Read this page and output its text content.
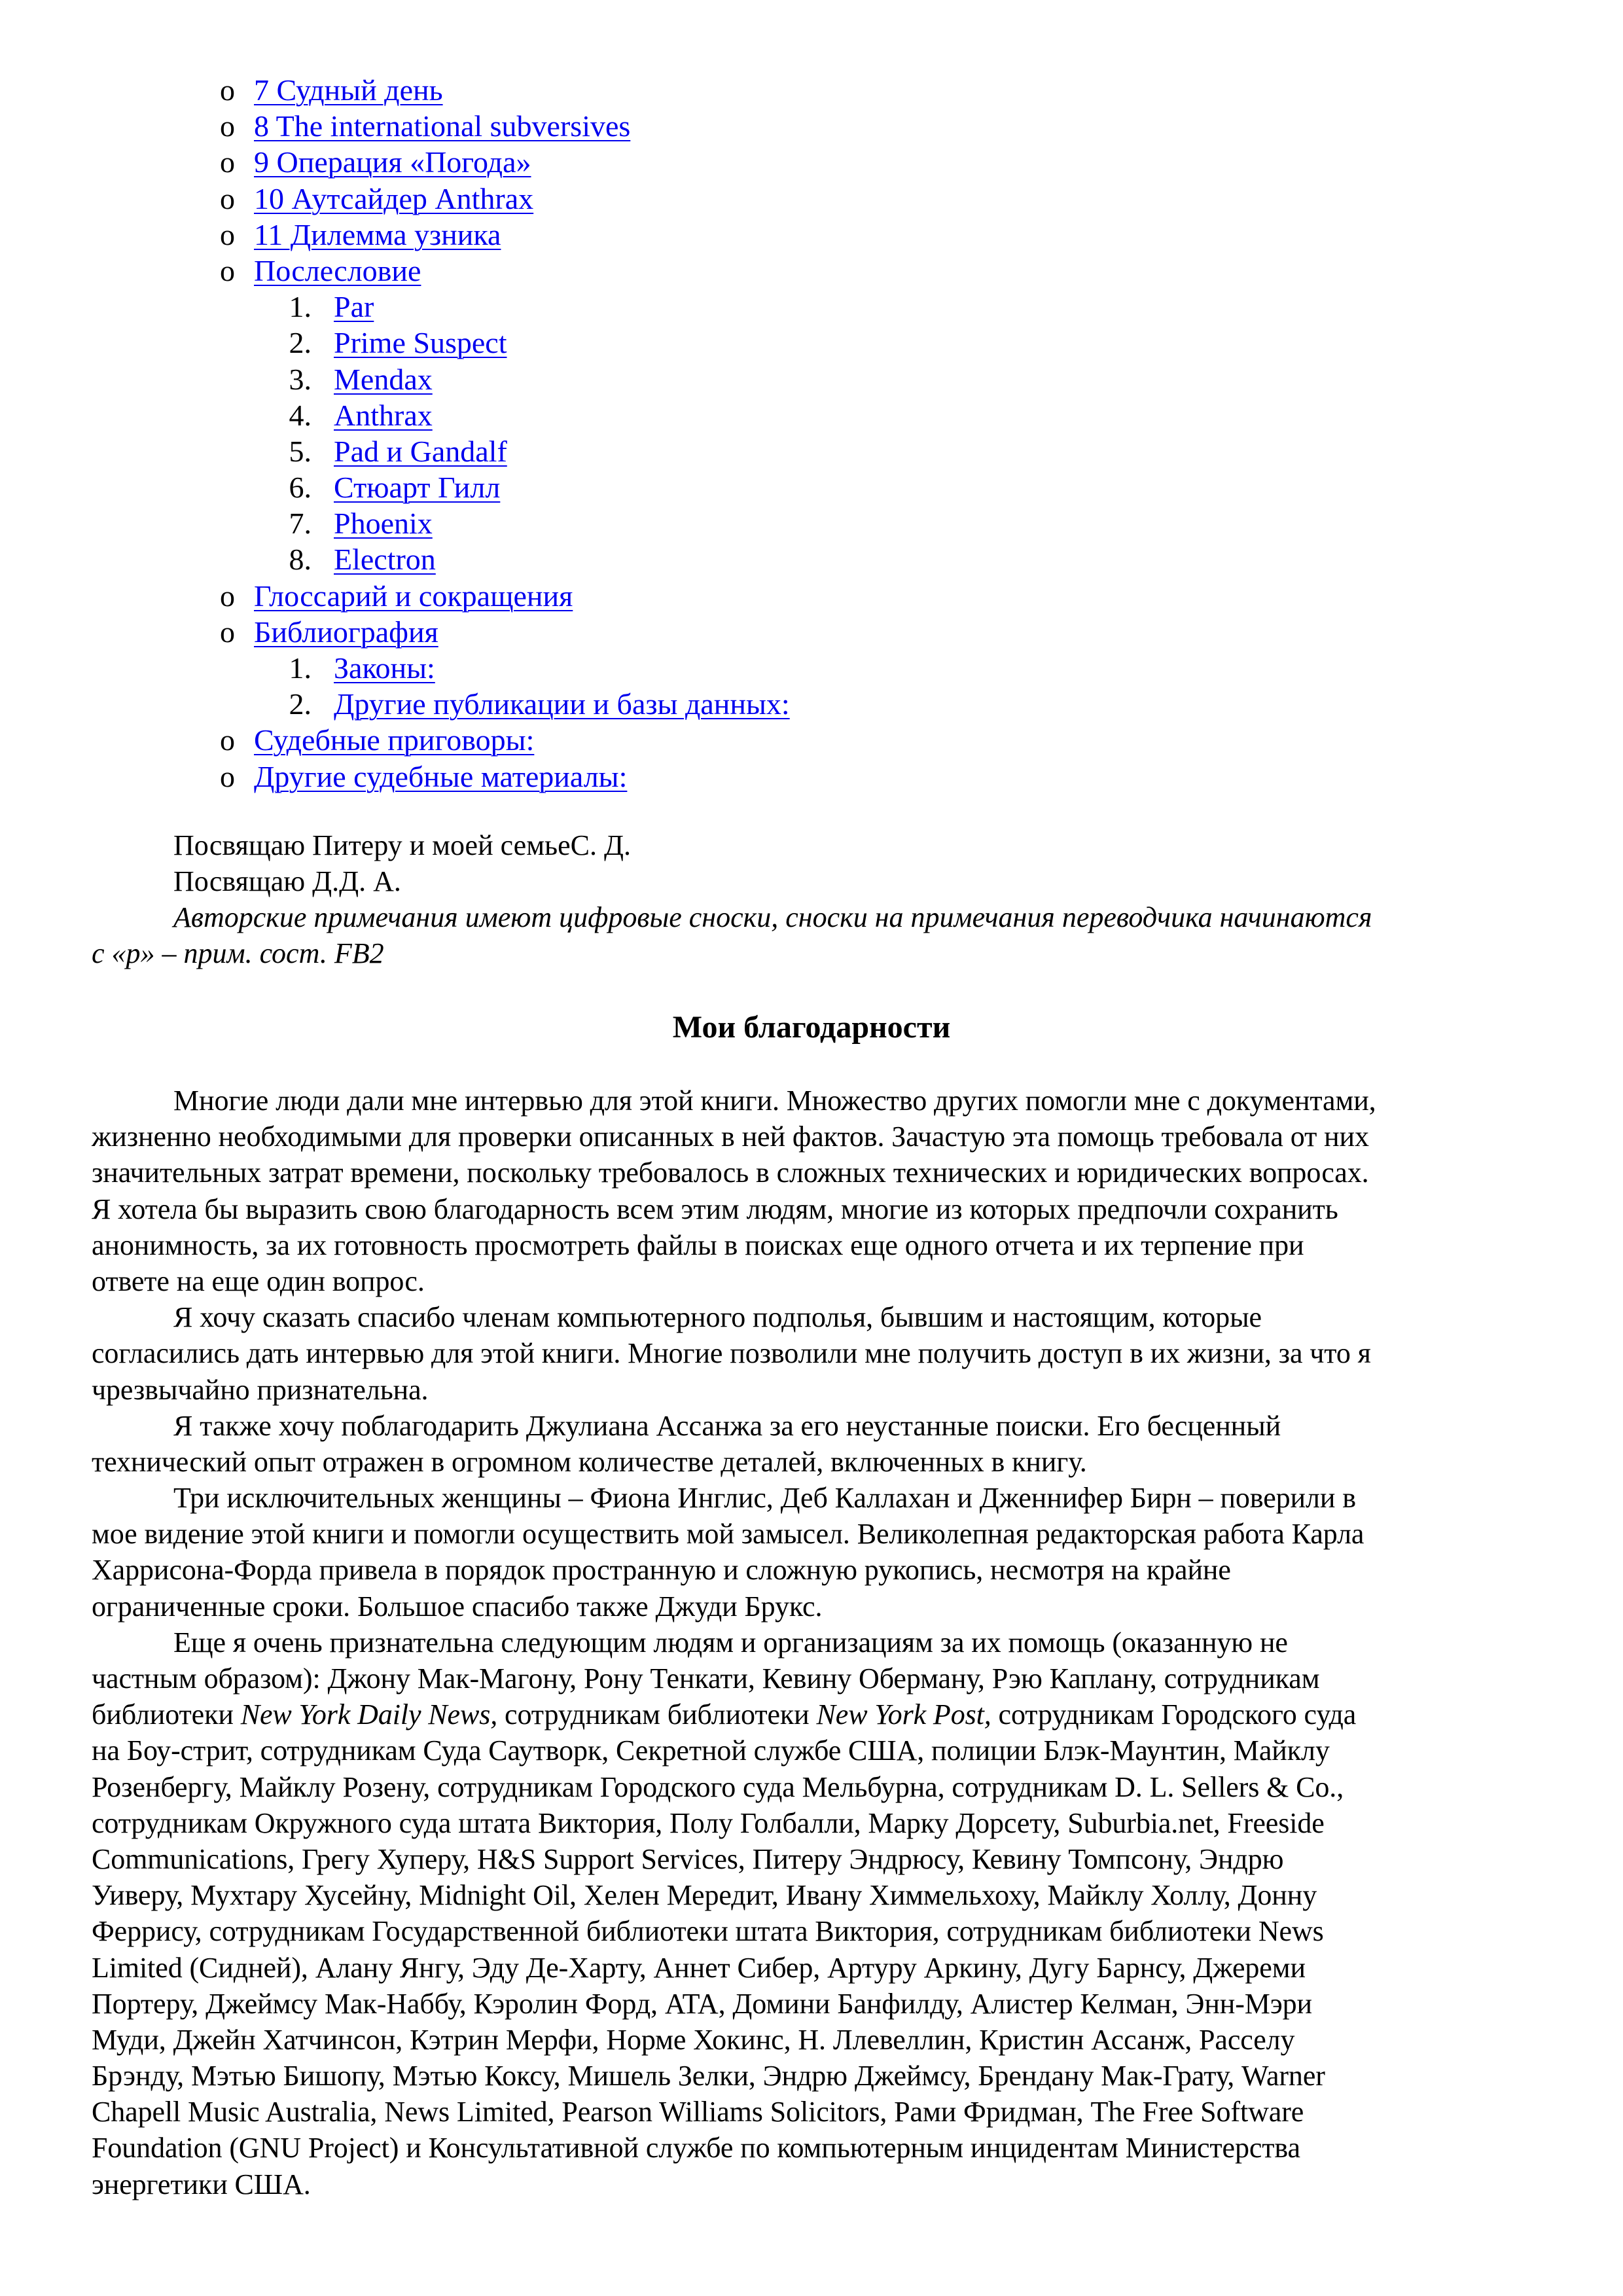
o 7 Судный день
o 8 The international subversives
o 9 Операция «Погода»
o 10 Аутсайдер Anthrax
o 11 Дилемма узника
o Послесловие
1. Par
2. Prime Suspect
3. Mendax
4. Anthrax
5. Pad и Gandalf
6. Стюарт Гилл
7. Phoenix
8. Electron
o Глоссарий и сокращения
o Библиография
1. Законы:
2. Другие публикации и базы данных:
o Судебные приговоры:
o Другие судебные материалы:
Посвящаю Питеру и моей семьеС. Д.
Посвящаю Д.Д. А.
Авторские примечания имеют цифровые сноски, сноски на примечания переводчика начинаются
с «р» – прим. сост. FB2
Мои благодарности
Многие люди дали мне интервью для этой книги. Множество других помогли мне с документами,
жизненно необходимыми для проверки описанных в ней фактов. Зачастую эта помощь требовала от них
значительных затрат времени, поскольку требовалось в сложных технических и юридических вопросах.
Я хотела бы выразить свою благодарность всем этим людям, многие из которых предпочли сохранить
анонимность, за их готовность просмотреть файлы в поисках еще одного отчета и их терпение при
ответе на еще один вопрос.
Я хочу сказать спасибо членам компьютерного подполья, бывшим и настоящим, которые
согласились дать интервью для этой книги. Многие позволили мне получить доступ в их жизни, за что я
чрезвычайно признательна.
Я также хочу поблагодарить Джулиана Ассанжа за его неустанные поиски. Его бесценный
технический опыт отражен в огромном количестве деталей, включенных в книгу.
Три исключительных женщины – Фиона Инглис, Деб Каллахан и Дженнифер Бирн – поверили в
мое видение этой книги и помогли осуществить мой замысел. Великолепная редакторская работа Карла
Харрисона-Форда привела в порядок пространную и сложную рукопись, несмотря на крайне
ограниченные сроки. Большое спасибо также Джуди Брукс.
Еще я очень признательна следующим людям и организациям за их помощь (оказанную не
частным образом): Джону Мак-Магону, Рону Тенкати, Кевину Оберману, Рэю Каплану, сотрудникам
библиотеки New York Daily News, сотрудникам библиотеки New York Post, сотрудникам Городского суда
на Боу-стрит, сотрудникам Суда Саутворк, Секретной службе США, полиции Блэк-Маунтин, Майклу
Розенбергу, Майклу Розену, сотрудникам Городского суда Мельбурна, сотрудникам D. L. Sellers & Co.,
сотрудникам Окружного суда штата Виктория, Полу Голбалли, Марку Дорсету, Suburbia.net, Freeside
Communications, Грегу Хуперу, H&S Support Services, Питеру Эндрюсу, Кевину Томпсону, Эндрю
Уиверу, Мухтару Хусейну, Midnight Oil, Хелен Мередит, Ивану Химмельхоху, Майклу Холлу, Донну
Феррису, сотрудникам Государственной библиотеки штата Виктория, сотрудникам библиотеки News
Limited (Сидней), Алану Янгу, Эду Де-Харту, Аннет Сибер, Артуру Аркину, Дугу Барнсу, Джереми
Портеру, Джеймсу Мак-Наббу, Кэролин Форд, ATA, Домини Банфилду, Алистер Келман, Энн-Мэри
Муди, Джейн Хатчинсон, Кэтрин Мерфи, Норме Хокинс, Н. Ллевеллин, Кристин Ассанж, Расселу
Брэнду, Мэтью Бишопу, Мэтью Коксу, Мишель Зелки, Эндрю Джеймсу, Брендану Мак-Грату, Warner
Chapell Music Australia, News Limited, Pearson Williams Solicitors, Рами Фридман, The Free Software
Foundation (GNU Project) и Консультативной службе по компьютерным инцидентам Министерства
энергетики США.
